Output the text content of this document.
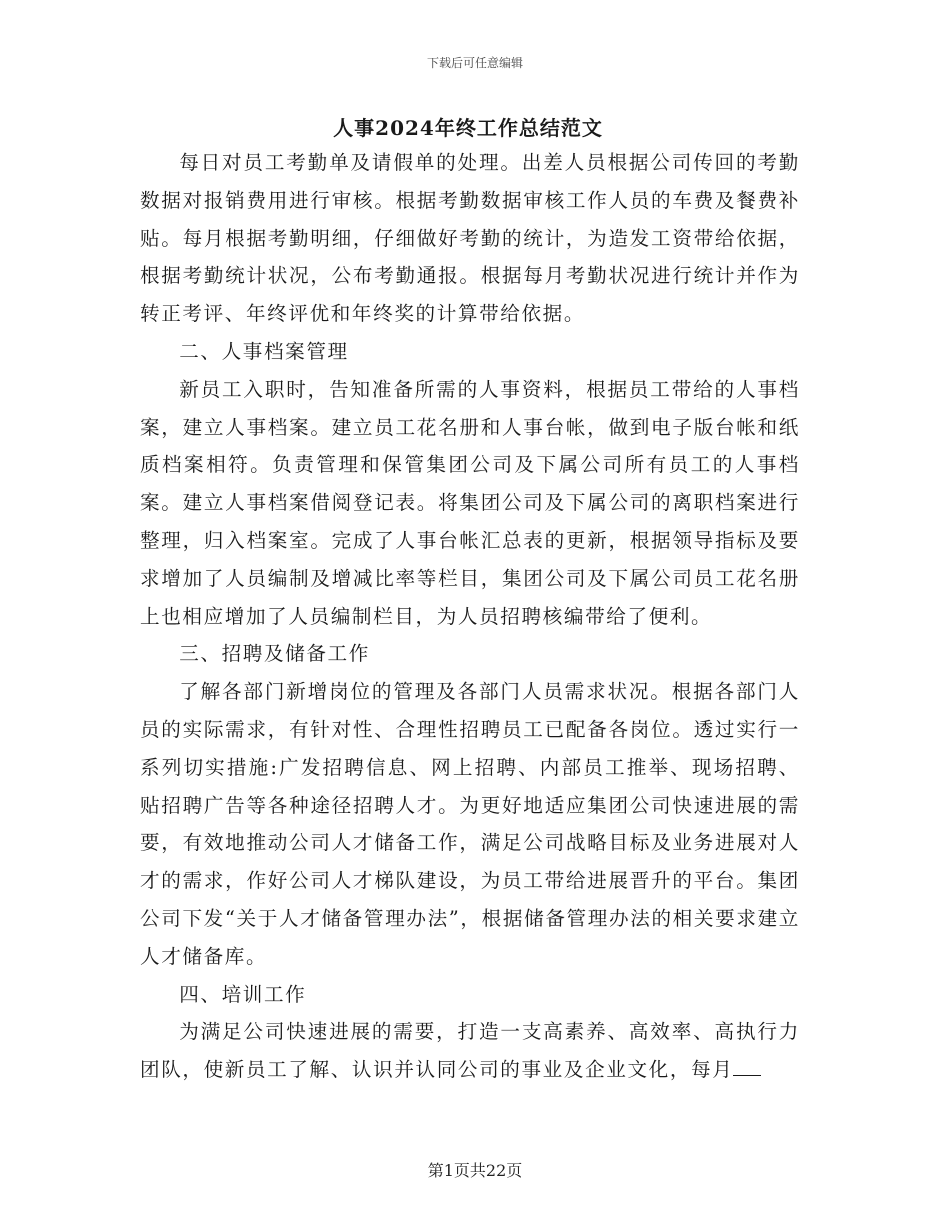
下载后可任意编辑
人事2024年终工作总结范文

每日对员工考勤单及请假单的处理。出差人员根据公司传回的考勤数据对报销费用进行审核。根据考勤数据审核工作人员的车费及餐费补贴。每月根据考勤明细，仔细做好考勤的统计，为造发工资带给依据，根据考勤统计状况，公布考勤通报。根据每月考勤状况进行统计并作为转正考评、年终评优和年终奖的计算带给依据。

二、人事档案管理

新员工入职时，告知准备所需的人事资料，根据员工带给的人事档案，建立人事档案。建立员工花名册和人事台帐，做到电子版台帐和纸质档案相符。负责管理和保管集团公司及下属公司所有员工的人事档案。建立人事档案借阅登记表。将集团公司及下属公司的离职档案进行整理，归入档案室。完成了人事台帐汇总表的更新，根据领导指标及要求增加了人员编制及增减比率等栏目，集团公司及下属公司员工花名册上也相应增加了人员编制栏目，为人员招聘核编带给了便利。

三、招聘及储备工作

了解各部门新增岗位的管理及各部门人员需求状况。根据各部门人员的实际需求，有针对性、合理性招聘员工已配备各岗位。透过实行一系列切实措施:广发招聘信息、网上招聘、内部员工推举、现场招聘、贴招聘广告等各种途径招聘人才。为更好地适应集团公司快速进展的需要，有效地推动公司人才储备工作，满足公司战略目标及业务进展对人才的需求，作好公司人才梯队建设，为员工带给进展晋升的平台。集团公司下发“关于人才储备管理办法”，根据储备管理办法的相关要求建立人才储备库。

四、培训工作

为满足公司快速进展的需要，打造一支高素养、高效率、高执行力团队，使新员工了解、认识并认同公司的事业及企业文化，每月

第1页共22页
